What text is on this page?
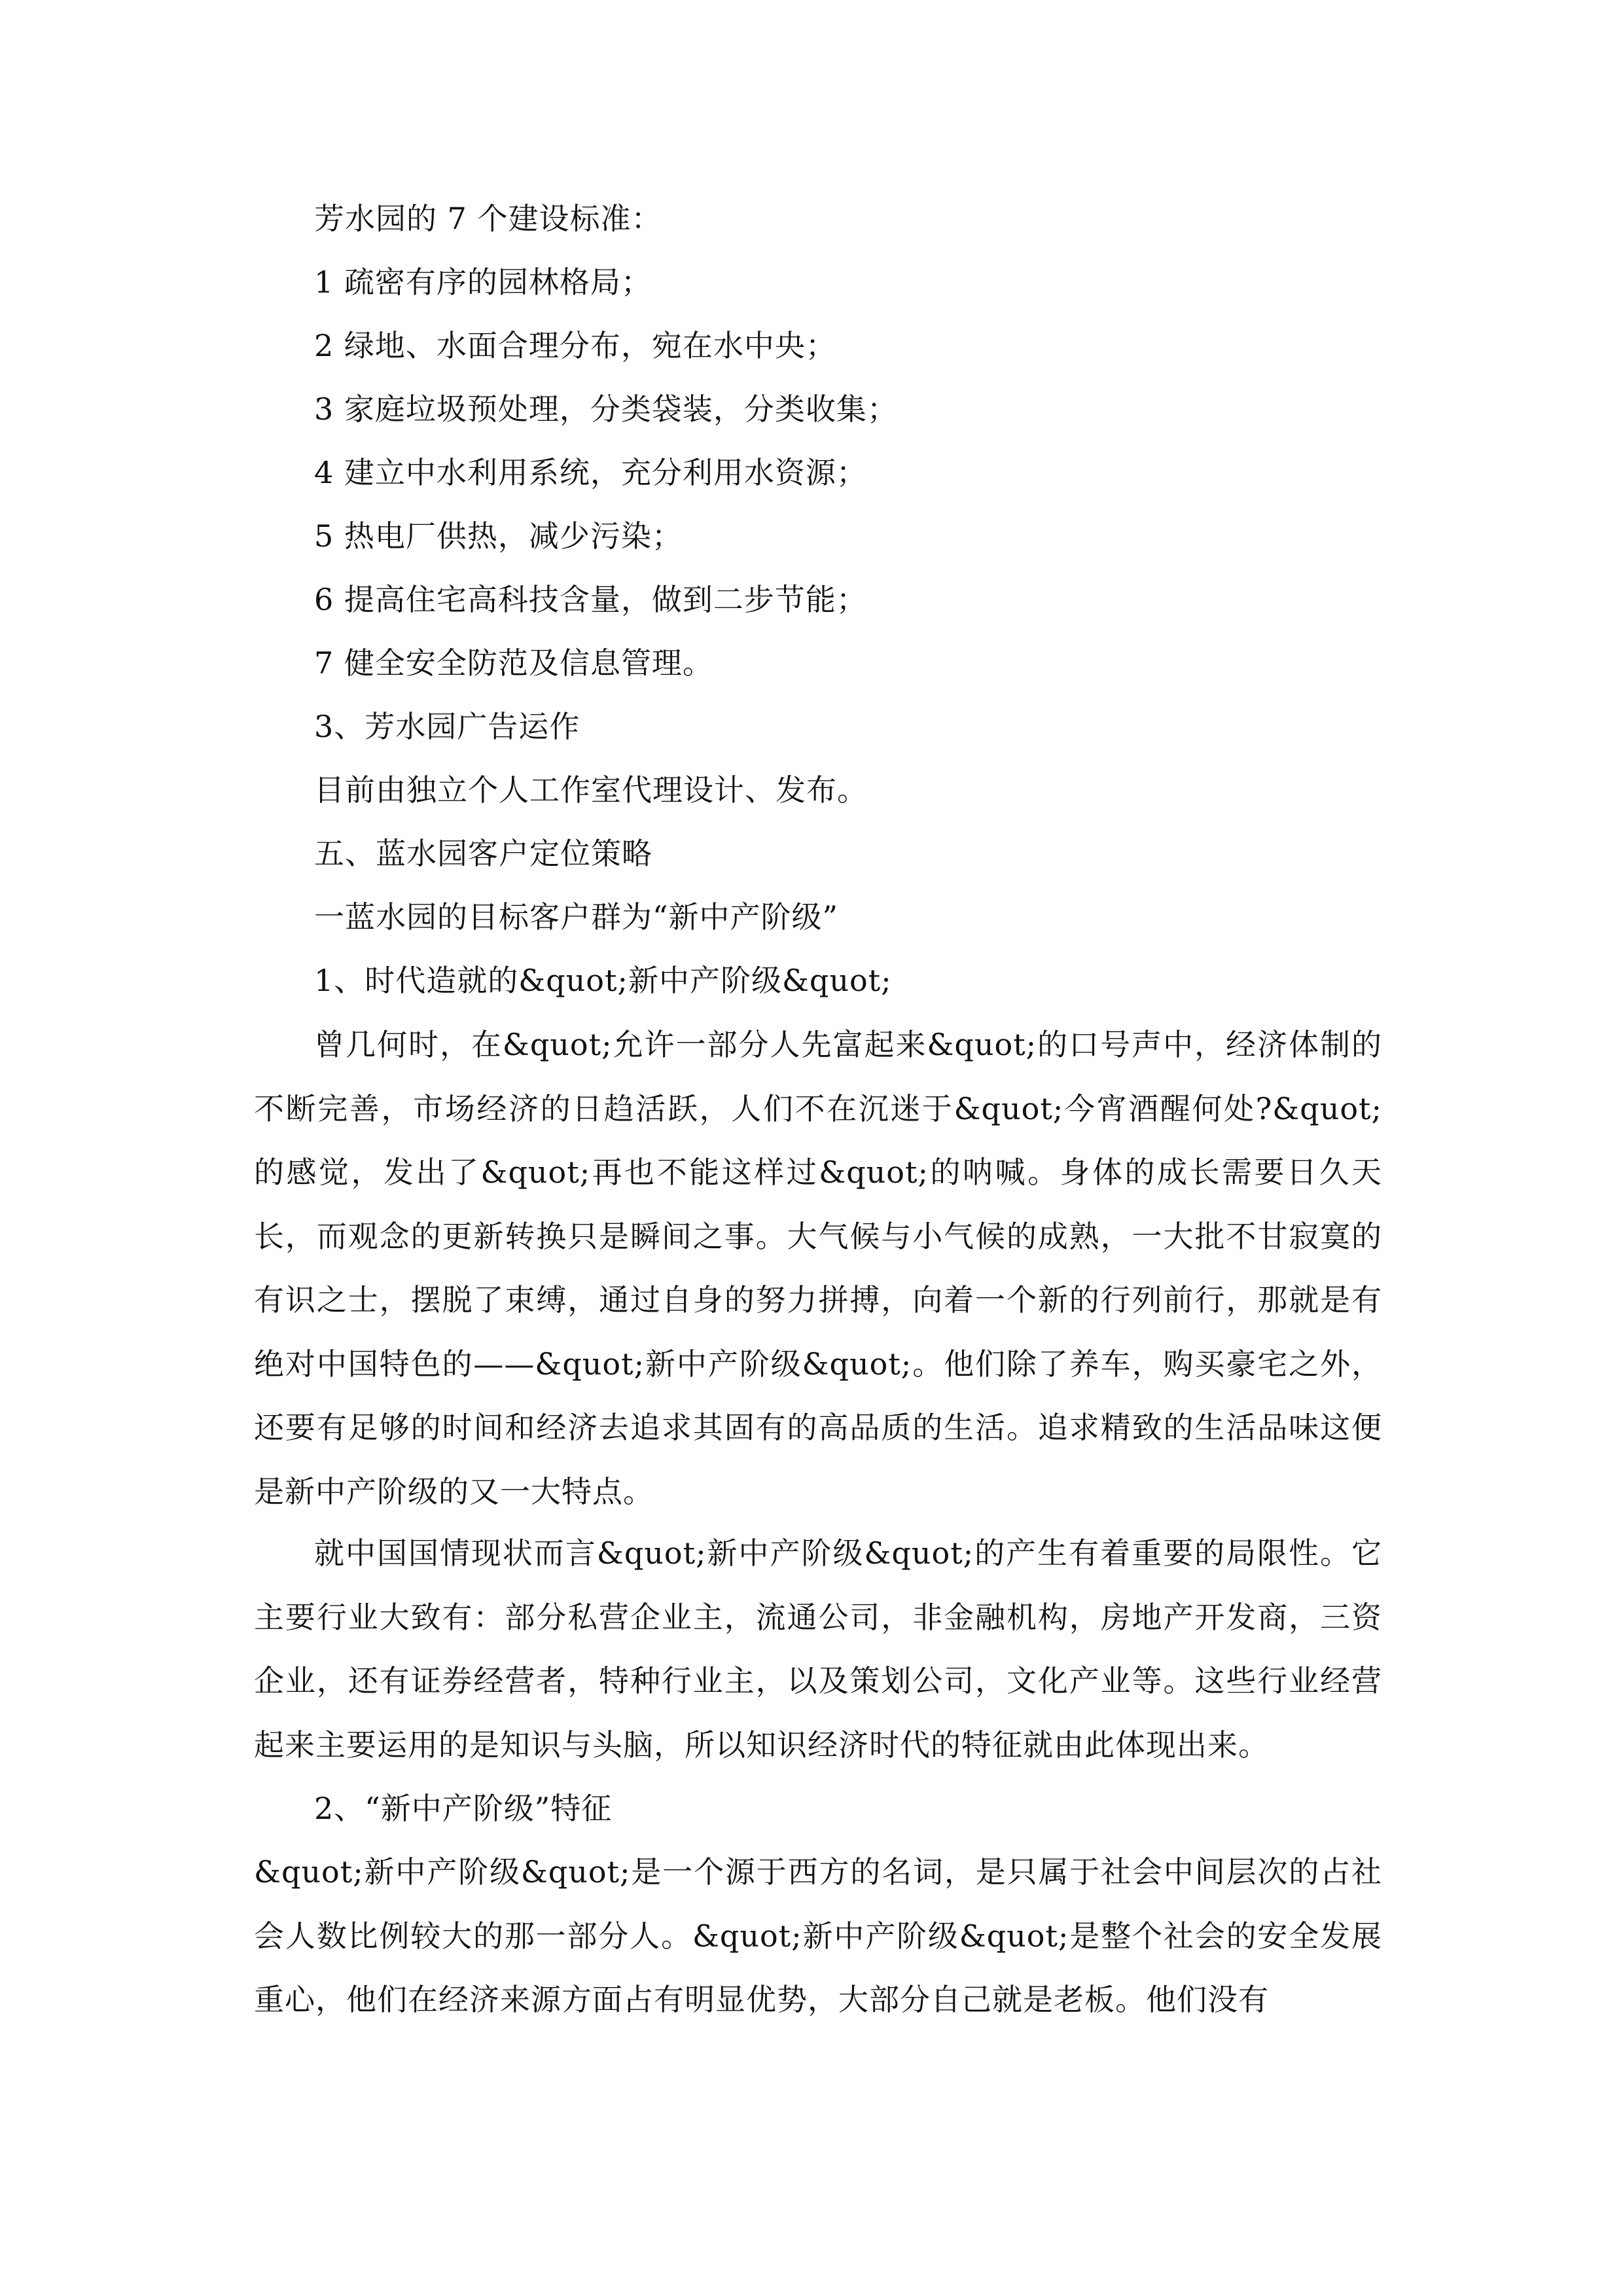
芳水园的 7 个建设标准：
1 疏密有序的园林格局；
2 绿地、水面合理分布，宛在水中央；
3 家庭垃圾预处理，分类袋装，分类收集；
4 建立中水利用系统，充分利用水资源；
5 热电厂供热，减少污染；
6 提高住宅高科技含量，做到二步节能；
7 健全安全防范及信息管理。
3、芳水园广告运作
目前由独立个人工作室代理设计、发布。
五、蓝水园客户定位策略
一蓝水园的目标客户群为“新中产阶级”
1、时代造就的&quot;新中产阶级&quot;
曾几何时，在&quot;允许一部分人先富起来&quot;的口号声中，经济体制的不断完善，市场经济的日趋活跃，人们不在沉迷于&quot;今宵酒醒何处?&quot;的感觉，发出了&quot;再也不能这样过&quot;的呐喊。身体的成长需要日久天长，而观念的更新转换只是瞬间之事。大气候与小气候的成熟，一大批不甘寂寞的有识之士，摆脱了束缚，通过自身的努力拼搏，向着一个新的行列前行，那就是有绝对中国特色的——&quot;新中产阶级&quot;。他们除了养车，购买豪宅之外，还要有足够的时间和经济去追求其固有的高品质的生活。追求精致的生活品味这便是新中产阶级的又一大特点。
就中国国情现状而言&quot;新中产阶级&quot;的产生有着重要的局限性。它主要行业大致有：部分私营企业主，流通公司，非金融机构，房地产开发商，三资企业，还有证券经营者，特种行业主，以及策划公司，文化产业等。这些行业经营起来主要运用的是知识与头脑，所以知识经济时代的特征就由此体现出来。
2、“新中产阶级”特征
&quot;新中产阶级&quot;是一个源于西方的名词，是只属于社会中间层次的占社会人数比例较大的那一部分人。&quot;新中产阶级&quot;是整个社会的安全发展重心，他们在经济来源方面占有明显优势，大部分自己就是老板。他们没有
